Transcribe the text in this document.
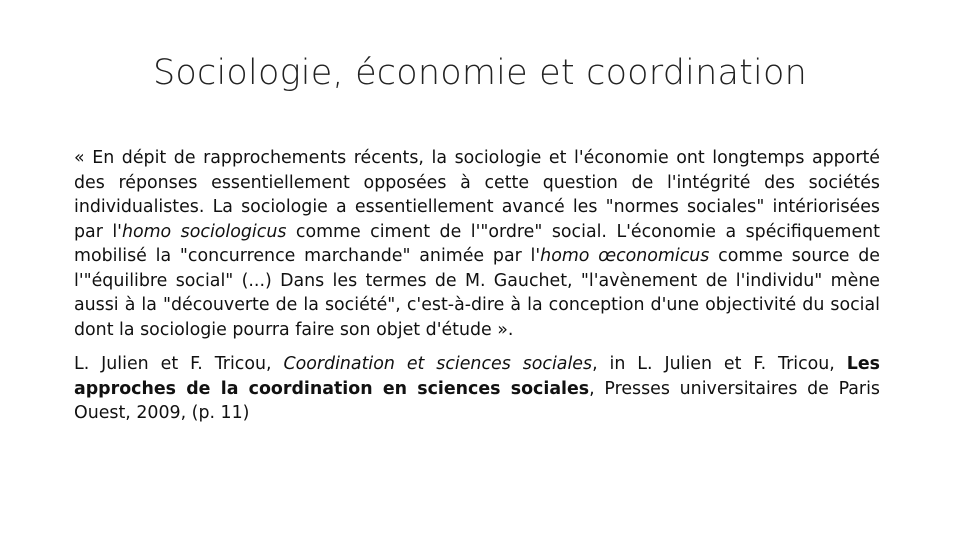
Sociologie, économie et coordination

« En dépit de rapprochements récents, la sociologie et l'économie ont longtemps apporté des réponses essentiellement opposées à cette question de l'intégrité des sociétés individualistes. La sociologie a essentiellement avancé les "normes sociales" intériorisées par l'homo sociologicus comme ciment de l'"ordre" social. L'économie a spécifiquement mobilisé la "concurrence marchande" animée par l'homo œconomicus comme source de l'"équilibre social" (...) Dans les termes de M. Gauchet, "l'avènement de l'individu" mène aussi à la "découverte de la société", c'est-à-dire à la conception d'une objectivité du social dont la sociologie pourra faire son objet d'étude ».

L. Julien et F. Tricou, Coordination et sciences sociales, in L. Julien et F. Tricou, Les approches de la coordination en sciences sociales, Presses universitaires de Paris Ouest, 2009, (p. 11)
